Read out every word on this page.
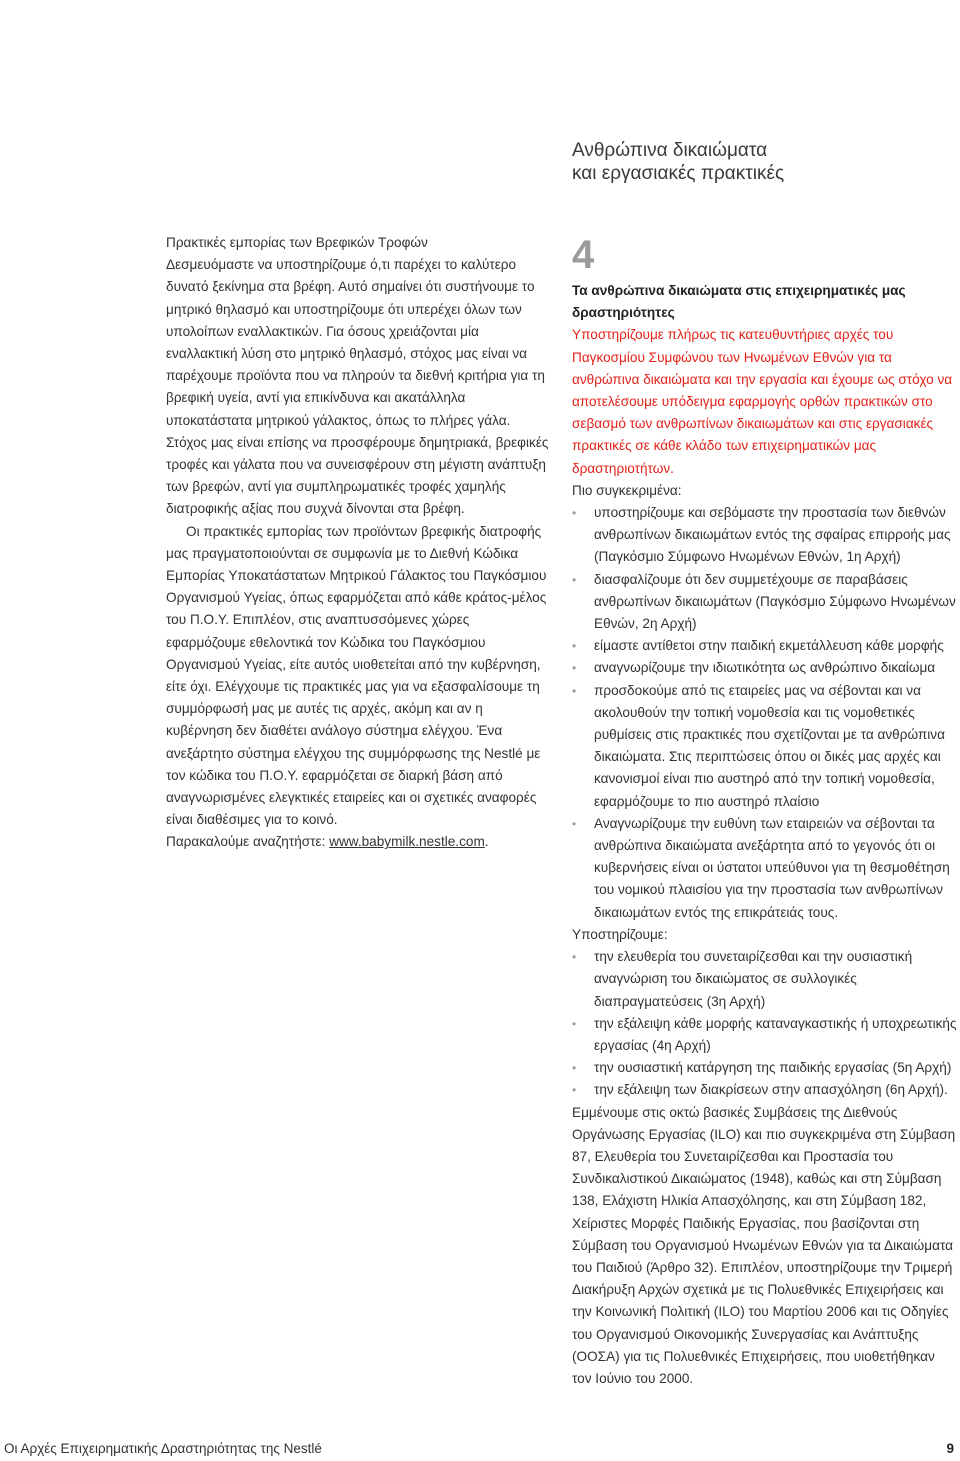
Ανθρώπινα δικαιώματα
και εργασιακές πρακτικές

Πρακτικές εμπορίας των Βρεφικών Τροφών

Δεσμευόμαστε να υποστηρίζουμε ό,τι παρέχει το καλύτερο δυνατό ξεκίνημα στα βρέφη. Αυτό σημαίνει ότι συστήνουμε το μητρικό θηλασμό και υποστηρίζουμε ότι υπερέχει όλων των υπολοίπων εναλλακτικών. Για όσους χρειάζονται μία εναλλακτική λύση στο μητρικό θηλασμό, στόχος μας είναι να παρέχουμε προϊόντα που να πληρούν τα διεθνή κριτήρια για τη βρεφική υγεία, αντί για επικίνδυνα και ακατάλληλα υποκατάστατα μητρικού γάλακτος, όπως το πλήρες γάλα. Στόχος μας είναι επίσης να προσφέρουμε δημητριακά, βρεφικές τροφές και γάλατα που να συνεισφέρουν στη μέγιστη ανάπτυξη των βρεφών, αντί για συμπληρωματικές τροφές χαμηλής διατροφικής αξίας που συχνά δίνονται στα βρέφη.

Οι πρακτικές εμπορίας των προϊόντων βρεφικής διατροφής μας πραγματοποιούνται σε συμφωνία με το Διεθνή Κώδικα Εμπορίας Υποκατάστατων Μητρικού Γάλακτος του Παγκόσμιου Οργανισμού Υγείας, όπως εφαρμόζεται από κάθε κράτος-μέλος του Π.Ο.Υ. Επιπλέον, στις αναπτυσσόμενες χώρες εφαρμόζουμε εθελοντικά τον Κώδικα του Παγκόσμιου Οργανισμού Υγείας, είτε αυτός υιοθετείται από την κυβέρνηση, είτε όχι. Ελέγχουμε τις πρακτικές μας για να εξασφαλίσουμε τη συμμόρφωσή μας με αυτές τις αρχές, ακόμη και αν η κυβέρνηση δεν διαθέτει ανάλογο σύστημα ελέγχου. Ένα ανεξάρτητο σύστημα ελέγχου της συμμόρφωσης της Nestlé με τον κώδικα του Π.Ο.Υ. εφαρμόζεται σε διαρκή βάση από αναγνωρισμένες ελεγκτικές εταιρείες και οι σχετικές αναφορές είναι διαθέσιμες για το κοινό.

Παρακαλούμε αναζητήστε: www.babymilk.nestle.com.

4

Τα ανθρώπινα δικαιώματα στις επιχειρηματικές μας δραστηριότητες

Υποστηρίζουμε πλήρως τις κατευθυντήριες αρχές του Παγκοσμίου Συμφώνου των Ηνωμένων Εθνών για τα ανθρώπινα δικαιώματα και την εργασία και έχουμε ως στόχο να αποτελέσουμε υπόδειγμα εφαρμογής ορθών πρακτικών στο σεβασμό των ανθρωπίνων δικαιωμάτων και στις εργασιακές πρακτικές σε κάθε κλάδο των επιχειρηματικών μας δραστηριοτήτων.

Πιο συγκεκριμένα:

• υποστηρίζουμε και σεβόμαστε την προστασία των διεθνών ανθρωπίνων δικαιωμάτων εντός της σφαίρας επιρροής μας (Παγκόσμιο Σύμφωνο Ηνωμένων Εθνών, 1η Αρχή)
• διασφαλίζουμε ότι δεν συμμετέχουμε σε παραβάσεις ανθρωπίνων δικαιωμάτων (Παγκόσμιο Σύμφωνο Ηνωμένων Εθνών, 2η Αρχή)
• είμαστε αντίθετοι στην παιδική εκμετάλλευση κάθε μορφής
• αναγνωρίζουμε την ιδιωτικότητα ως ανθρώπινο δικαίωμα
• προσδοκούμε από τις εταιρείες μας να σέβονται και να ακολουθούν την τοπική νομοθεσία και τις νομοθετικές ρυθμίσεις στις πρακτικές που σχετίζονται με τα ανθρώπινα δικαιώματα. Στις περιπτώσεις όπου οι δικές μας αρχές και κανονισμοί είναι πιο αυστηρό από την τοπική νομοθεσία, εφαρμόζουμε το πιο αυστηρό πλαίσιο
• Αναγνωρίζουμε την ευθύνη των εταιρειών να σέβονται τα ανθρώπινα δικαιώματα ανεξάρτητα από το γεγονός ότι οι κυβερνήσεις είναι οι ύστατοι υπεύθυνοι για τη θεσμοθέτηση του νομικού πλαισίου για την προστασία των ανθρωπίνων δικαιωμάτων εντός της επικράτειάς τους.

Υποστηρίζουμε:

• την ελευθερία του συνεταιρίζεσθαι και την ουσιαστική αναγνώριση του δικαιώματος σε συλλογικές διαπραγματεύσεις (3η Αρχή)
• την εξάλειψη κάθε μορφής καταναγκαστικής ή υποχρεωτικής εργασίας (4η Αρχή)
• την ουσιαστική κατάργηση της παιδικής εργασίας (5η Αρχή)
• την εξάλειψη των διακρίσεων στην απασχόληση (6η Αρχή).

Εμμένουμε στις οκτώ βασικές Συμβάσεις της Διεθνούς Οργάνωσης Εργασίας (ILO) και πιο συγκεκριμένα στη Σύμβαση 87, Ελευθερία του Συνεταιρίζεσθαι και Προστασία του Συνδικαλιστικού Δικαιώματος (1948), καθώς και στη Σύμβαση 138, Ελάχιστη Ηλικία Απασχόλησης, και στη Σύμβαση 182, Χείριστες Μορφές Παιδικής Εργασίας, που βασίζονται στη Σύμβαση του Οργανισμού Ηνωμένων Εθνών για τα Δικαιώματα του Παιδιού (Άρθρο 32). Επιπλέον, υποστηρίζουμε την Τριμερή Διακήρυξη Αρχών σχετικά με τις Πολυεθνικές Επιχειρήσεις και την Κοινωνική Πολιτική (ILO) του Μαρτίου 2006 και τις Οδηγίες του Οργανισμού Οικονομικής Συνεργασίας και Ανάπτυξης (ΟΟΣΑ) για τις Πολυεθνικές Επιχειρήσεις, που υιοθετήθηκαν τον Ιούνιο του 2000.

Οι Αρχές Επιχειρηματικής Δραστηριότητας της Nestlé	9
